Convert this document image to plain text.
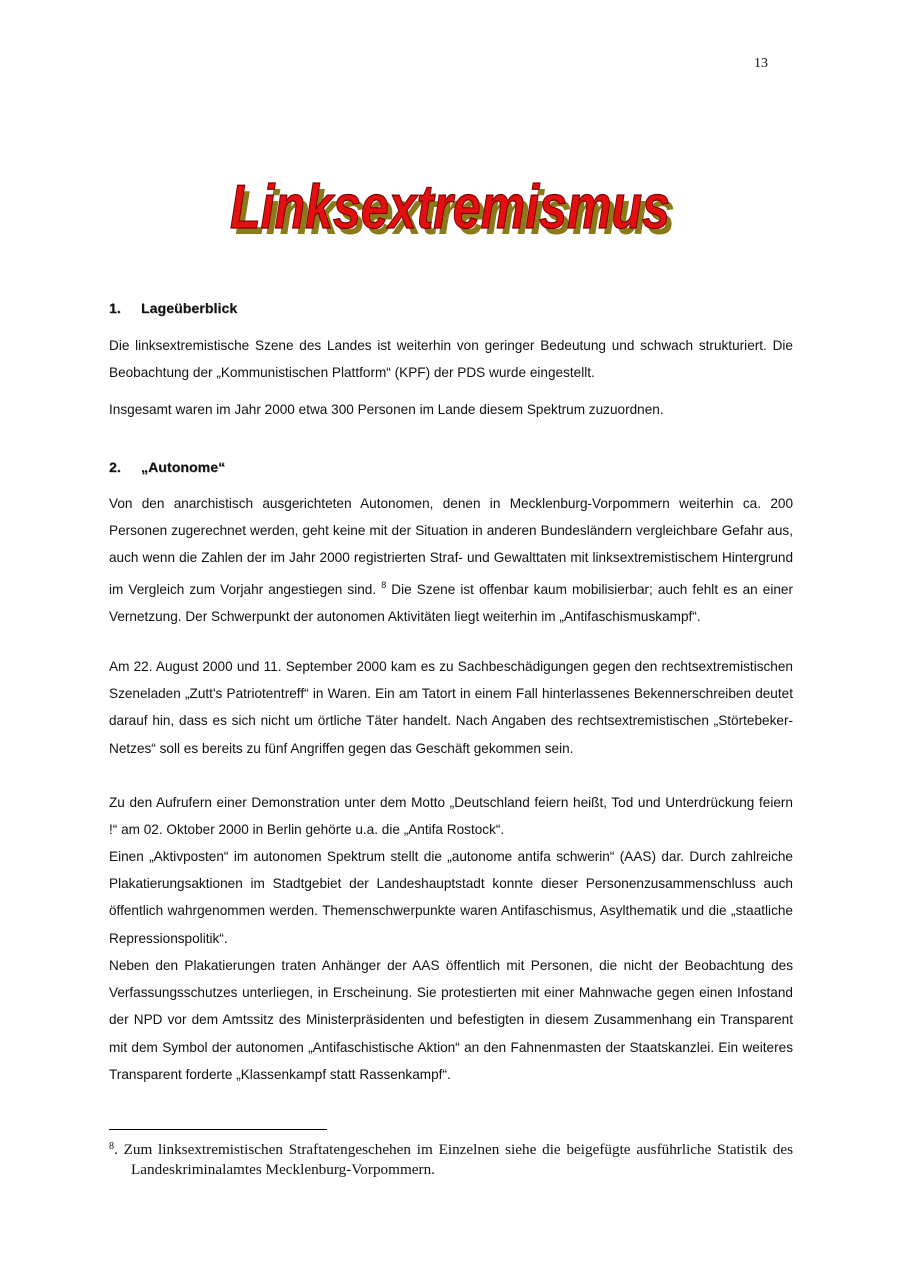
13
Linksextremismus
Linksextremismus
1. Lageüberblick

Die linksextremistische Szene des Landes ist weiterhin von geringer Bedeutung und schwach strukturiert. Die Beobachtung der „Kommunistischen Plattform“ (KPF) der PDS wurde eingestellt.

Insgesamt waren im Jahr 2000 etwa 300 Personen im Lande diesem Spektrum zuzuordnen.

2. „Autonome“

Von den anarchistisch ausgerichteten Autonomen, denen in Mecklenburg-Vorpommern weiterhin ca. 200 Personen zugerechnet werden, geht keine mit der Situation in anderen Bundesländern vergleichbare Gefahr aus, auch wenn die Zahlen der im Jahr 2000 registrierten Straf- und Gewalttaten mit linksextremistischem Hintergrund im Vergleich zum Vorjahr angestiegen sind. $^8$ Die Szene ist offenbar kaum mobilisierbar; auch fehlt es an einer Vernetzung. Der Schwerpunkt der autonomen Aktivitäten liegt weiterhin im „Antifaschismuskampf“.

Am 22. August 2000 und 11. September 2000 kam es zu Sachbeschädigungen gegen den rechtsextremistischen Szeneladen „Zutt's Patriotentreff“ in Waren. Ein am Tatort in einem Fall hinterlassenes Bekennerschreiben deutet darauf hin, dass es sich nicht um örtliche Täter handelt. Nach Angaben des rechtsextremistischen „Störtebeker-Netzes“ soll es bereits zu fünf Angriffen gegen das Geschäft gekommen sein.

Zu den Aufrufern einer Demonstration unter dem Motto „Deutschland feiern heißt, Tod und Unterdrückung feiern !“ am 02. Oktober 2000 in Berlin gehörte u.a. die „Antifa Rostock“.

Einen „Aktivposten“ im autonomen Spektrum stellt die „autonome antifa schwerin“ (AAS) dar. Durch zahlreiche Plakatierungsaktionen im Stadtgebiet der Landeshauptstadt konnte dieser Personenzusammenschluss auch öffentlich wahrgenommen werden. Themenschwerpunkte waren Antifaschismus, Asylthematik und die „staatliche Repressionspolitik“.

Neben den Plakatierungen traten Anhänger der AAS öffentlich mit Personen, die nicht der Beobachtung des Verfassungsschutzes unterliegen, in Erscheinung. Sie protestierten mit einer Mahnwache gegen einen Infostand der NPD vor dem Amtssitz des Ministerpräsidenten und befestigten in diesem Zusammenhang ein Transparent mit dem Symbol der autonomen „Antifaschistische Aktion“ an den Fahnenmasten der Staatskanzlei. Ein weiteres Transparent forderte „Klassenkampf statt Rassenkampf“.

$^8$. Zum linksextremistischen Straftatengeschehen im Einzelnen siehe die beigefügte ausführliche Statistik des Landeskriminalamtes Mecklenburg-Vorpommern.
